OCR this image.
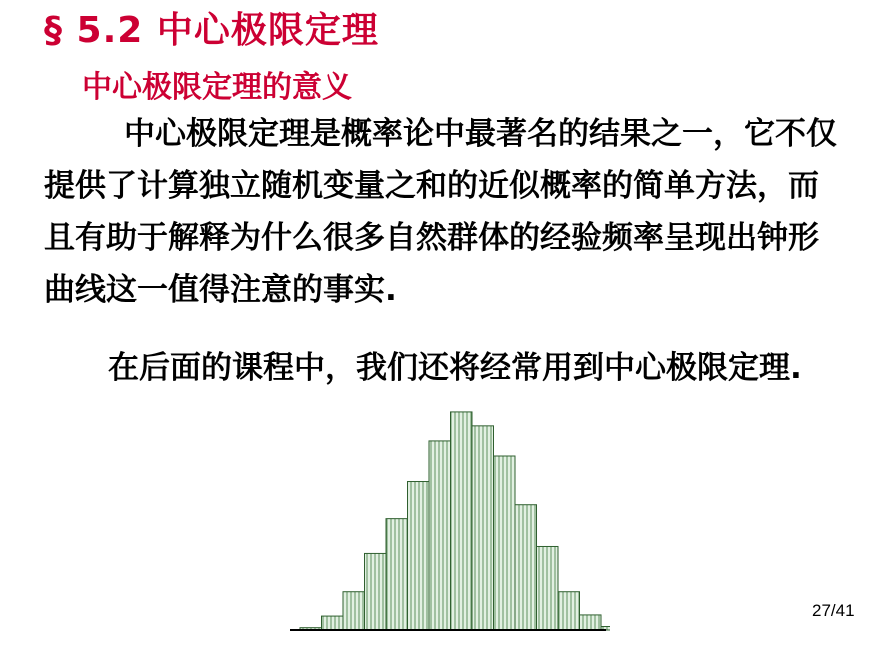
§ 5.2 中心极限定理
中心极限定理的意义
中心极限定理是概率论中最著名的结果之一，它不仅提供了计算独立随机变量之和的近似概率的简单方法，而且有助于解释为什么很多自然群体的经验频率呈现出钟形曲线这一值得注意的事实.
在后面的课程中，我们还将经常用到中心极限定理.
27/41
